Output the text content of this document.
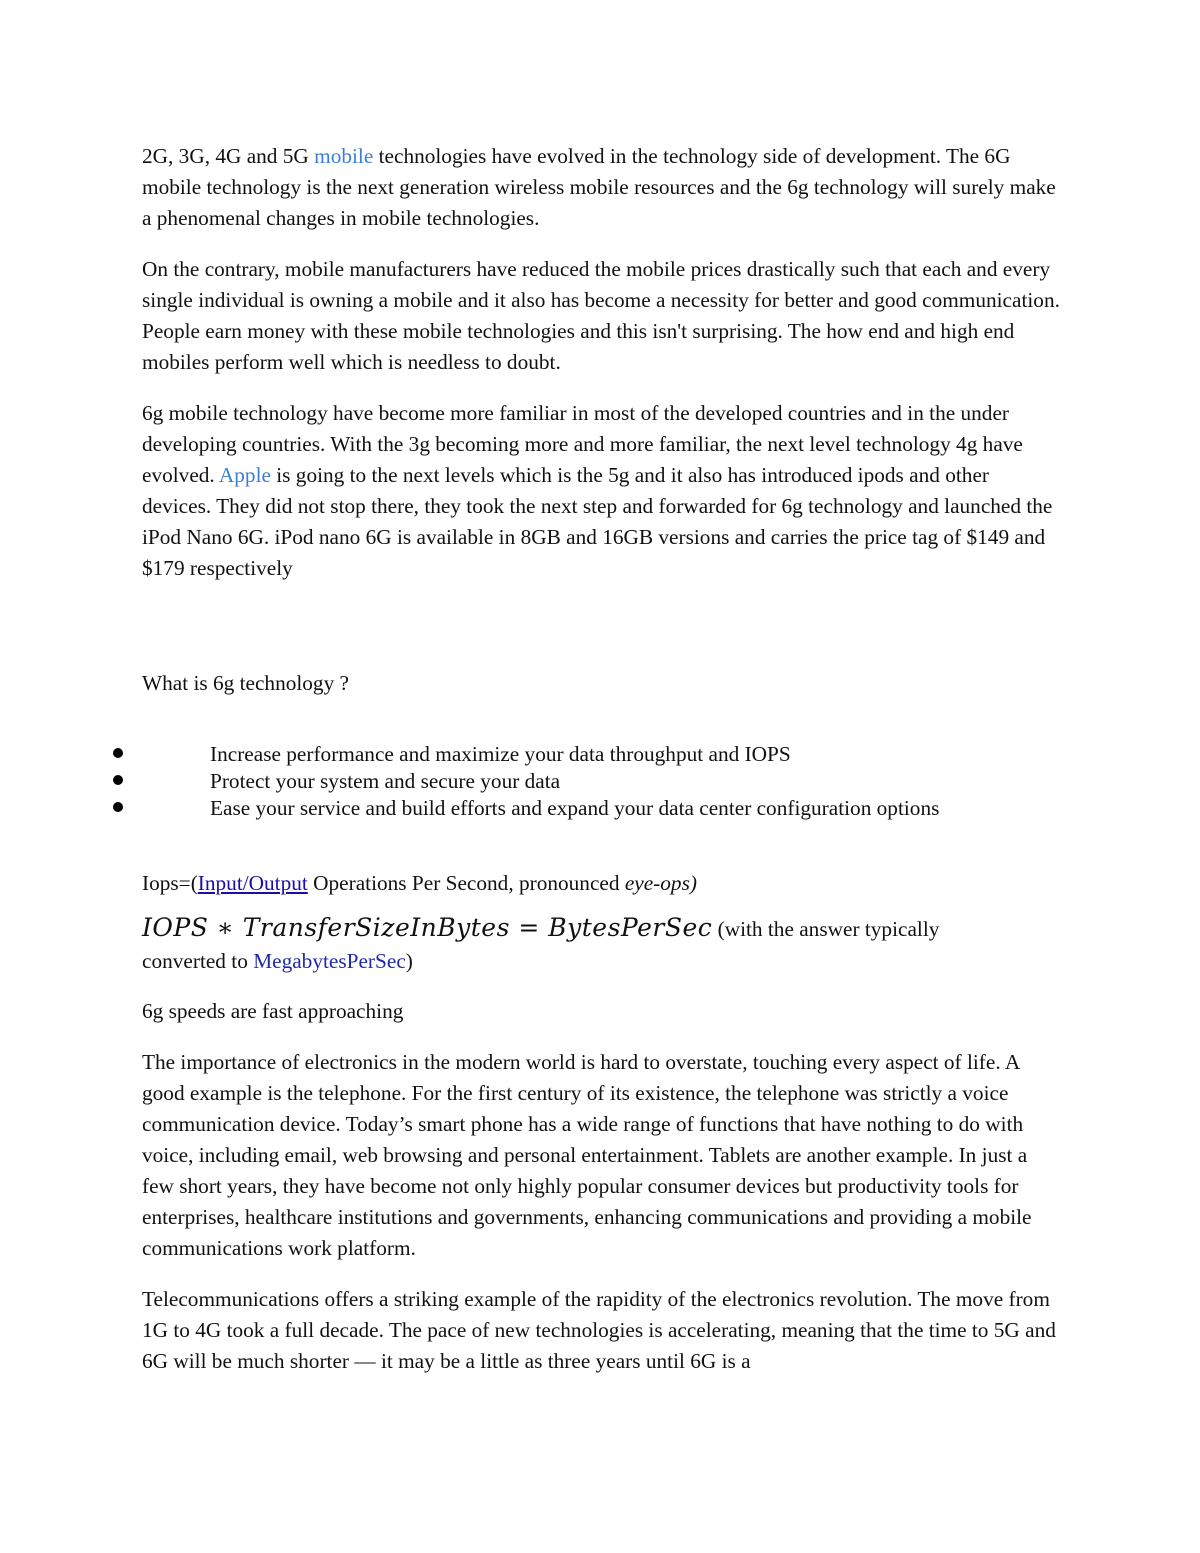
2G, 3G, 4G and 5G mobile technologies have evolved in the technology side of development. The 6G mobile technology is the next generation wireless mobile resources and the 6g technology will surely make a phenomenal changes in mobile technologies.

On the contrary, mobile manufacturers have reduced the mobile prices drastically such that each and every single individual is owning a mobile and it also has become a necessity for better and good communication. People earn money with these mobile technologies and this isn't surprising. The how end and high end mobiles perform well which is needless to doubt.

6g mobile technology have become more familiar in most of the developed countries and in the under developing countries. With the 3g becoming more and more familiar, the next level technology 4g have evolved. Apple is going to the next levels which is the 5g and it also has introduced ipods and other devices. They did not stop there, they took the next step and forwarded for 6g technology and launched the iPod Nano 6G. iPod nano 6G is available in 8GB and 16GB versions and carries the price tag of $149 and $179 respectively

What is 6g technology ?

Increase performance and maximize your data throughput and IOPS
Protect your system and secure your data
Ease your service and build efforts and expand your data center configuration options

Iops=(Input/Output Operations Per Second, pronounced eye-ops)

IOPS ∗ TransferSizeInBytes = BytesPerSec (with the answer typically

converted to MegabytesPerSec)

6g speeds are fast approaching

The importance of electronics in the modern world is hard to overstate, touching every aspect of life. A good example is the telephone. For the first century of its existence, the telephone was strictly a voice communication device. Today’s smart phone has a wide range of functions that have nothing to do with voice, including email, web browsing and personal entertainment. Tablets are another example. In just a few short years, they have become not only highly popular consumer devices but productivity tools for enterprises, healthcare institutions and governments, enhancing communications and providing a mobile communications work platform.

Telecommunications offers a striking example of the rapidity of the electronics revolution. The move from 1G to 4G took a full decade. The pace of new technologies is accelerating, meaning that the time to 5G and 6G will be much shorter — it may be a little as three years until 6G is a
